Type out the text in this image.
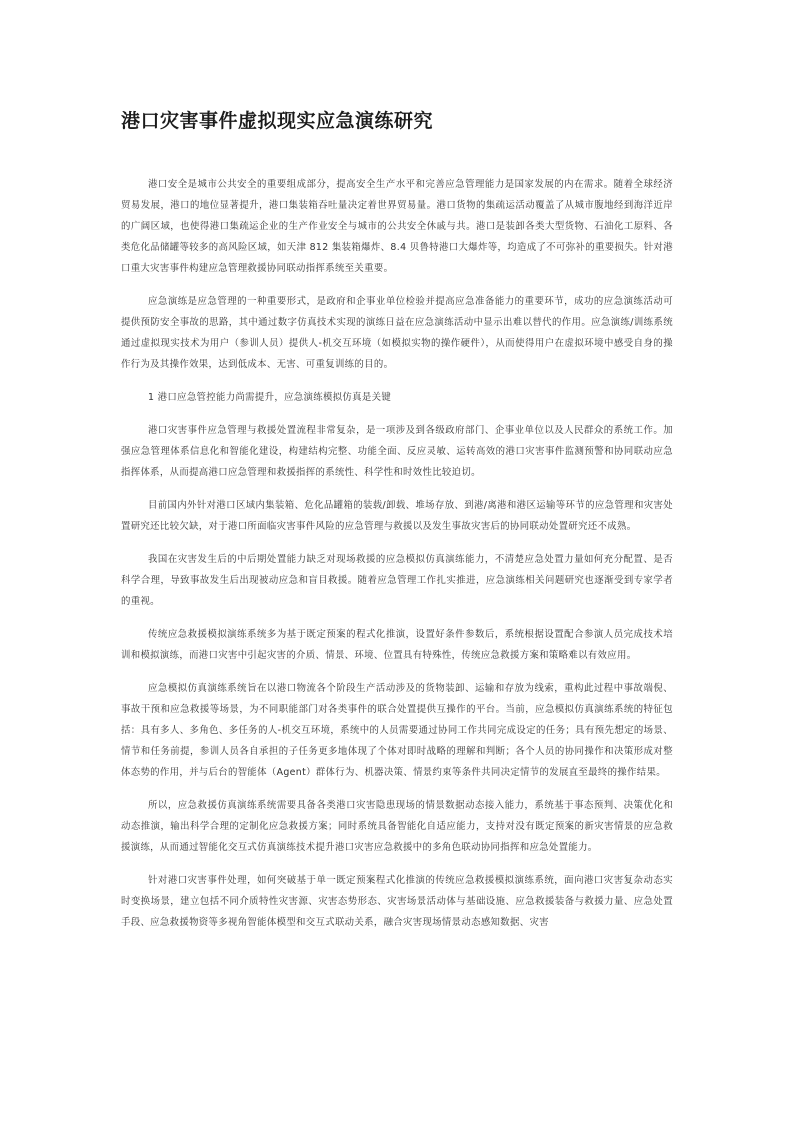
港口灾害事件虚拟现实应急演练研究

港口安全是城市公共安全的重要组成部分，提高安全生产水平和完善应急管理能力是国家发展的内在需求。随着全球经济贸易发展，港口的地位显著提升，港口集装箱吞吐量决定着世界贸易量。港口货物的集疏运活动覆盖了从城市腹地经到海洋近岸的广阔区域，也使得港口集疏运企业的生产作业安全与城市的公共安全休戚与共。港口是装卸各类大型货物、石油化工原料、各类危化品储罐等较多的高风险区域，如天津 812 集装箱爆炸、8.4 贝鲁特港口大爆炸等，均造成了不可弥补的重要损失。针对港口重大灾害事件构建应急管理救援协同联动指挥系统至关重要。

应急演练是应急管理的一种重要形式，是政府和企事业单位检验并提高应急准备能力的重要环节，成功的应急演练活动可提供预防安全事故的思路，其中通过数字仿真技术实现的演练日益在应急演练活动中显示出难以替代的作用。应急演练/训练系统通过虚拟现实技术为用户（参训人员）提供人-机交互环境（如模拟实物的操作硬件），从而使得用户在虚拟环境中感受自身的操作行为及其操作效果，达到低成本、无害、可重复训练的目的。

1 港口应急管控能力尚需提升，应急演练模拟仿真是关键

港口灾害事件应急管理与救援处置流程非常复杂，是一项涉及到各级政府部门、企事业单位以及人民群众的系统工作。加强应急管理体系信息化和智能化建设，构建结构完整、功能全面、反应灵敏、运转高效的港口灾害事件监测预警和协同联动应急指挥体系，从而提高港口应急管理和救援指挥的系统性、科学性和时效性比较迫切。

目前国内外针对港口区域内集装箱、危化品罐箱的装载/卸载、堆场存放、到港/离港和港区运输等环节的应急管理和灾害处置研究还比较欠缺，对于港口所面临灾害事件风险的应急管理与救援以及发生事故灾害后的协同联动处置研究还不成熟。

我国在灾害发生后的中后期处置能力缺乏对现场救援的应急模拟仿真演练能力，不清楚应急处置力量如何充分配置、是否科学合理，导致事故发生后出现被动应急和盲目救援。随着应急管理工作扎实推进，应急演练相关问题研究也逐渐受到专家学者的重视。

传统应急救援模拟演练系统多为基于既定预案的程式化推演，设置好条件参数后，系统根据设置配合参演人员完成技术培训和模拟演练，而港口灾害中引起灾害的介质、情景、环境、位置具有特殊性，传统应急救援方案和策略难以有效应用。

应急模拟仿真演练系统旨在以港口物流各个阶段生产活动涉及的货物装卸、运输和存放为线索，重构此过程中事故端倪、事故干预和应急救援等场景，为不同职能部门对各类事件的联合处置提供互操作的平台。当前，应急模拟仿真演练系统的特征包括：具有多人、多角色、多任务的人-机交互环境，系统中的人员需要通过协同工作共同完成设定的任务；具有预先想定的场景、情节和任务前提，参训人员各自承担的子任务更多地体现了个体对即时战略的理解和判断；各个人员的协同操作和决策形成对整体态势的作用，并与后台的智能体（Agent）群体行为、机器决策、情景约束等条件共同决定情节的发展直至最终的操作结果。

所以，应急救援仿真演练系统需要具备各类港口灾害隐患现场的情景数据动态接入能力，系统基于事态预判、决策优化和动态推演，输出科学合理的定制化应急救援方案；同时系统具备智能化自适应能力，支持对没有既定预案的新灾害情景的应急救援演练，从而通过智能化交互式仿真演练技术提升港口灾害应急救援中的多角色联动协同指挥和应急处置能力。

针对港口灾害事件处理，如何突破基于单一既定预案程式化推演的传统应急救援模拟演练系统，面向港口灾害复杂动态实时变换场景，建立包括不同介质特性灾害源、灾害态势形态、灾害场景活动体与基础设施、应急救援装备与救援力量、应急处置手段、应急救援物资等多视角智能体模型和交互式联动关系，融合灾害现场情景动态感知数据、灾害
